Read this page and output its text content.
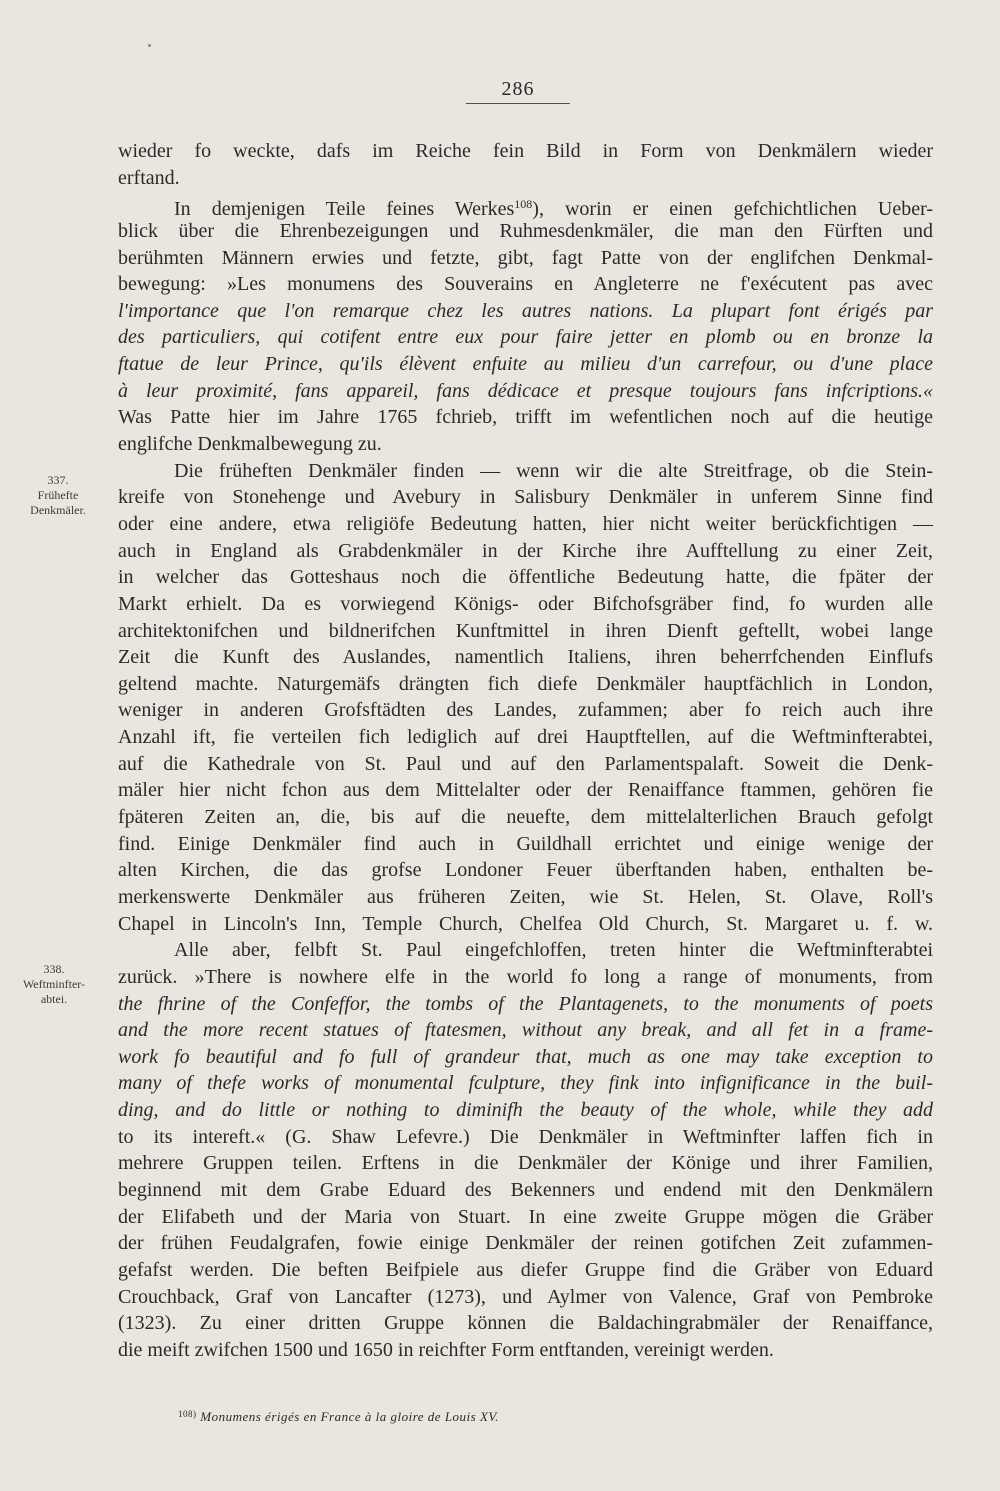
286
337.
Frühefte
Denkmäler.
338.
Weftminfter-
abtei.
wieder fo weckte, dafs im Reiche fein Bild in Form von Denkmälern wieder
erftand.
In demjenigen Teile feines Werkes$^{108}$), worin er einen gefchichtlichen Ueber-
blick über die Ehrenbezeigungen und Ruhmesdenkmäler, die man den Fürften und
berühmten Männern erwies und fetzte, gibt, fagt Patte von der englifchen Denkmal-
bewegung: »Les monumens des Souverains en Angleterre ne f'exécutent pas avec
l'importance que l'on remarque chez les autres nations. La plupart font érigés par
des particuliers, qui cotifent entre eux pour faire jetter en plomb ou en bronze la
ftatue de leur Prince, qu'ils élèvent enfuite au milieu d'un carrefour, ou d'une place
à leur proximité, fans appareil, fans dédicace et presque toujours fans infcriptions.«
Was Patte hier im Jahre 1765 fchrieb, trifft im wefentlichen noch auf die heutige
englifche Denkmalbewegung zu.
Die früheften Denkmäler finden — wenn wir die alte Streitfrage, ob die Stein-
kreife von Stonehenge und Avebury in Salisbury Denkmäler in unferem Sinne find
oder eine andere, etwa religiöfe Bedeutung hatten, hier nicht weiter berückfichtigen —
auch in England als Grabdenkmäler in der Kirche ihre Aufftellung zu einer Zeit,
in welcher das Gotteshaus noch die öffentliche Bedeutung hatte, die fpäter der
Markt erhielt. Da es vorwiegend Königs- oder Bifchofsgräber find, fo wurden alle
architektonifchen und bildnerifchen Kunftmittel in ihren Dienft geftellt, wobei lange
Zeit die Kunft des Auslandes, namentlich Italiens, ihren beherrfchenden Einflufs
geltend machte. Naturgemäfs drängten fich diefe Denkmäler hauptfächlich in London,
weniger in anderen Grofsftädten des Landes, zufammen; aber fo reich auch ihre
Anzahl ift, fie verteilen fich lediglich auf drei Hauptftellen, auf die Weftminfterabtei,
auf die Kathedrale von St. Paul und auf den Parlamentspalaft. Soweit die Denk-
mäler hier nicht fchon aus dem Mittelalter oder der Renaiffance ftammen, gehören fie
fpäteren Zeiten an, die, bis auf die neuefte, dem mittelalterlichen Brauch gefolgt
find. Einige Denkmäler find auch in Guildhall errichtet und einige wenige der
alten Kirchen, die das grofse Londoner Feuer überftanden haben, enthalten be-
merkenswerte Denkmäler aus früheren Zeiten, wie St. Helen, St. Olave, Roll's
Chapel in Lincoln's Inn, Temple Church, Chelfea Old Church, St. Margaret u. f. w.
Alle aber, felbft St. Paul eingefchloffen, treten hinter die Weftminfterabtei
zurück. »There is nowhere elfe in the world fo long a range of monuments, from
the fhrine of the Confeffor, the tombs of the Plantagenets, to the monuments of poets
and the more recent statues of ftatesmen, without any break, and all fet in a frame-
work fo beautiful and fo full of grandeur that, much as one may take exception to
many of thefe works of monumental fculpture, they fink into infignificance in the buil-
ding, and do little or nothing to diminifh the beauty of the whole, while they add
to its intereft.« (G. Shaw Lefevre.) Die Denkmäler in Weftminfter laffen fich in
mehrere Gruppen teilen. Erftens in die Denkmäler der Könige und ihrer Familien,
beginnend mit dem Grabe Eduard des Bekenners und endend mit den Denkmälern
der Elifabeth und der Maria von Stuart. In eine zweite Gruppe mögen die Gräber
der frühen Feudalgrafen, fowie einige Denkmäler der reinen gotifchen Zeit zufammen-
gefafst werden. Die beften Beifpiele aus diefer Gruppe find die Gräber von Eduard
Crouchback, Graf von Lancafter (1273), und Aylmer von Valence, Graf von Pembroke
(1323). Zu einer dritten Gruppe können die Baldachingrabmäler der Renaiffance,
die meift zwifchen 1500 und 1650 in reichfter Form entftanden, vereinigt werden.
$^{108)}$ Monumens érigés en France à la gloire de Louis XV.
